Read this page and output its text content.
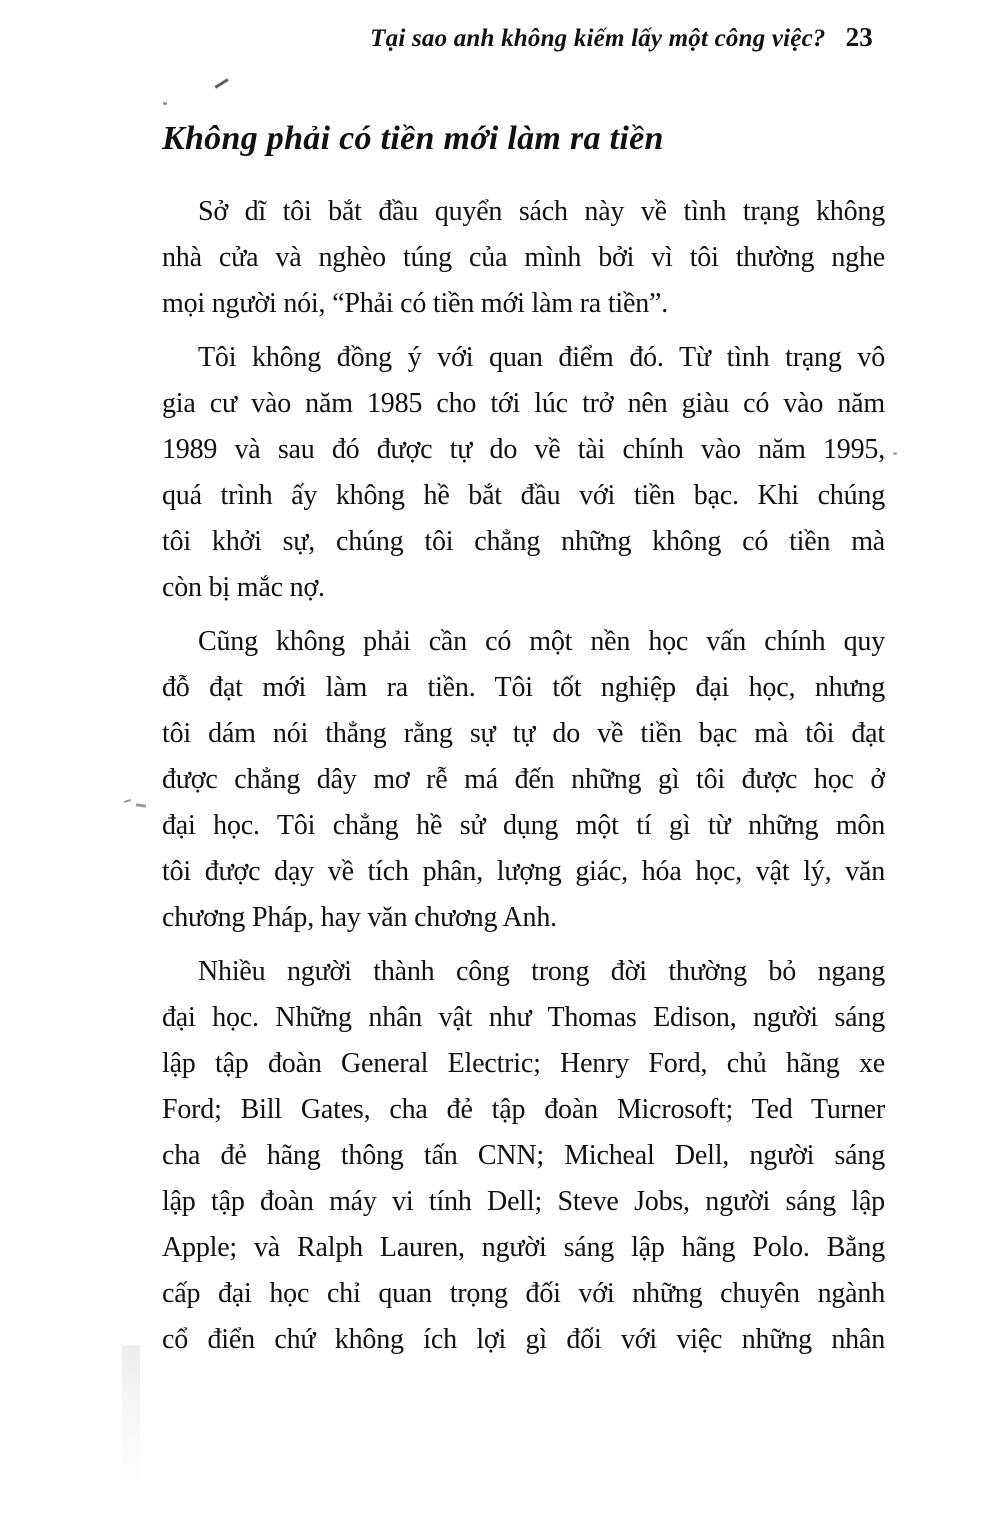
Tại sao anh không kiếm lấy một công việc? 23
Không phải có tiền mới làm ra tiền
Sở dĩ tôi bắt đầu quyển sách này về tình trạng không
nhà cửa và nghèo túng của mình bởi vì tôi thường nghe
mọi người nói, “Phải có tiền mới làm ra tiền”.
Tôi không đồng ý với quan điểm đó. Từ tình trạng vô
gia cư vào năm 1985 cho tới lúc trở nên giàu có vào năm
1989 và sau đó được tự do về tài chính vào năm 1995,
quá trình ấy không hề bắt đầu với tiền bạc. Khi chúng
tôi khởi sự, chúng tôi chẳng những không có tiền mà
còn bị mắc nợ.
Cũng không phải cần có một nền học vấn chính quy
đỗ đạt mới làm ra tiền. Tôi tốt nghiệp đại học, nhưng
tôi dám nói thẳng rằng sự tự do về tiền bạc mà tôi đạt
được chẳng dây mơ rễ má đến những gì tôi được học ở
đại học. Tôi chẳng hề sử dụng một tí gì từ những môn
tôi được dạy về tích phân, lượng giác, hóa học, vật lý, văn
chương Pháp, hay văn chương Anh.
Nhiều người thành công trong đời thường bỏ ngang
đại học. Những nhân vật như Thomas Edison, người sáng
lập tập đoàn General Electric; Henry Ford, chủ hãng xe
Ford; Bill Gates, cha đẻ tập đoàn Microsoft; Ted Turner
cha đẻ hãng thông tấn CNN; Micheal Dell, người sáng
lập tập đoàn máy vi tính Dell; Steve Jobs, người sáng lập
Apple; và Ralph Lauren, người sáng lập hãng Polo. Bằng
cấp đại học chỉ quan trọng đối với những chuyên ngành
cổ điển chứ không ích lợi gì đối với việc những nhân
